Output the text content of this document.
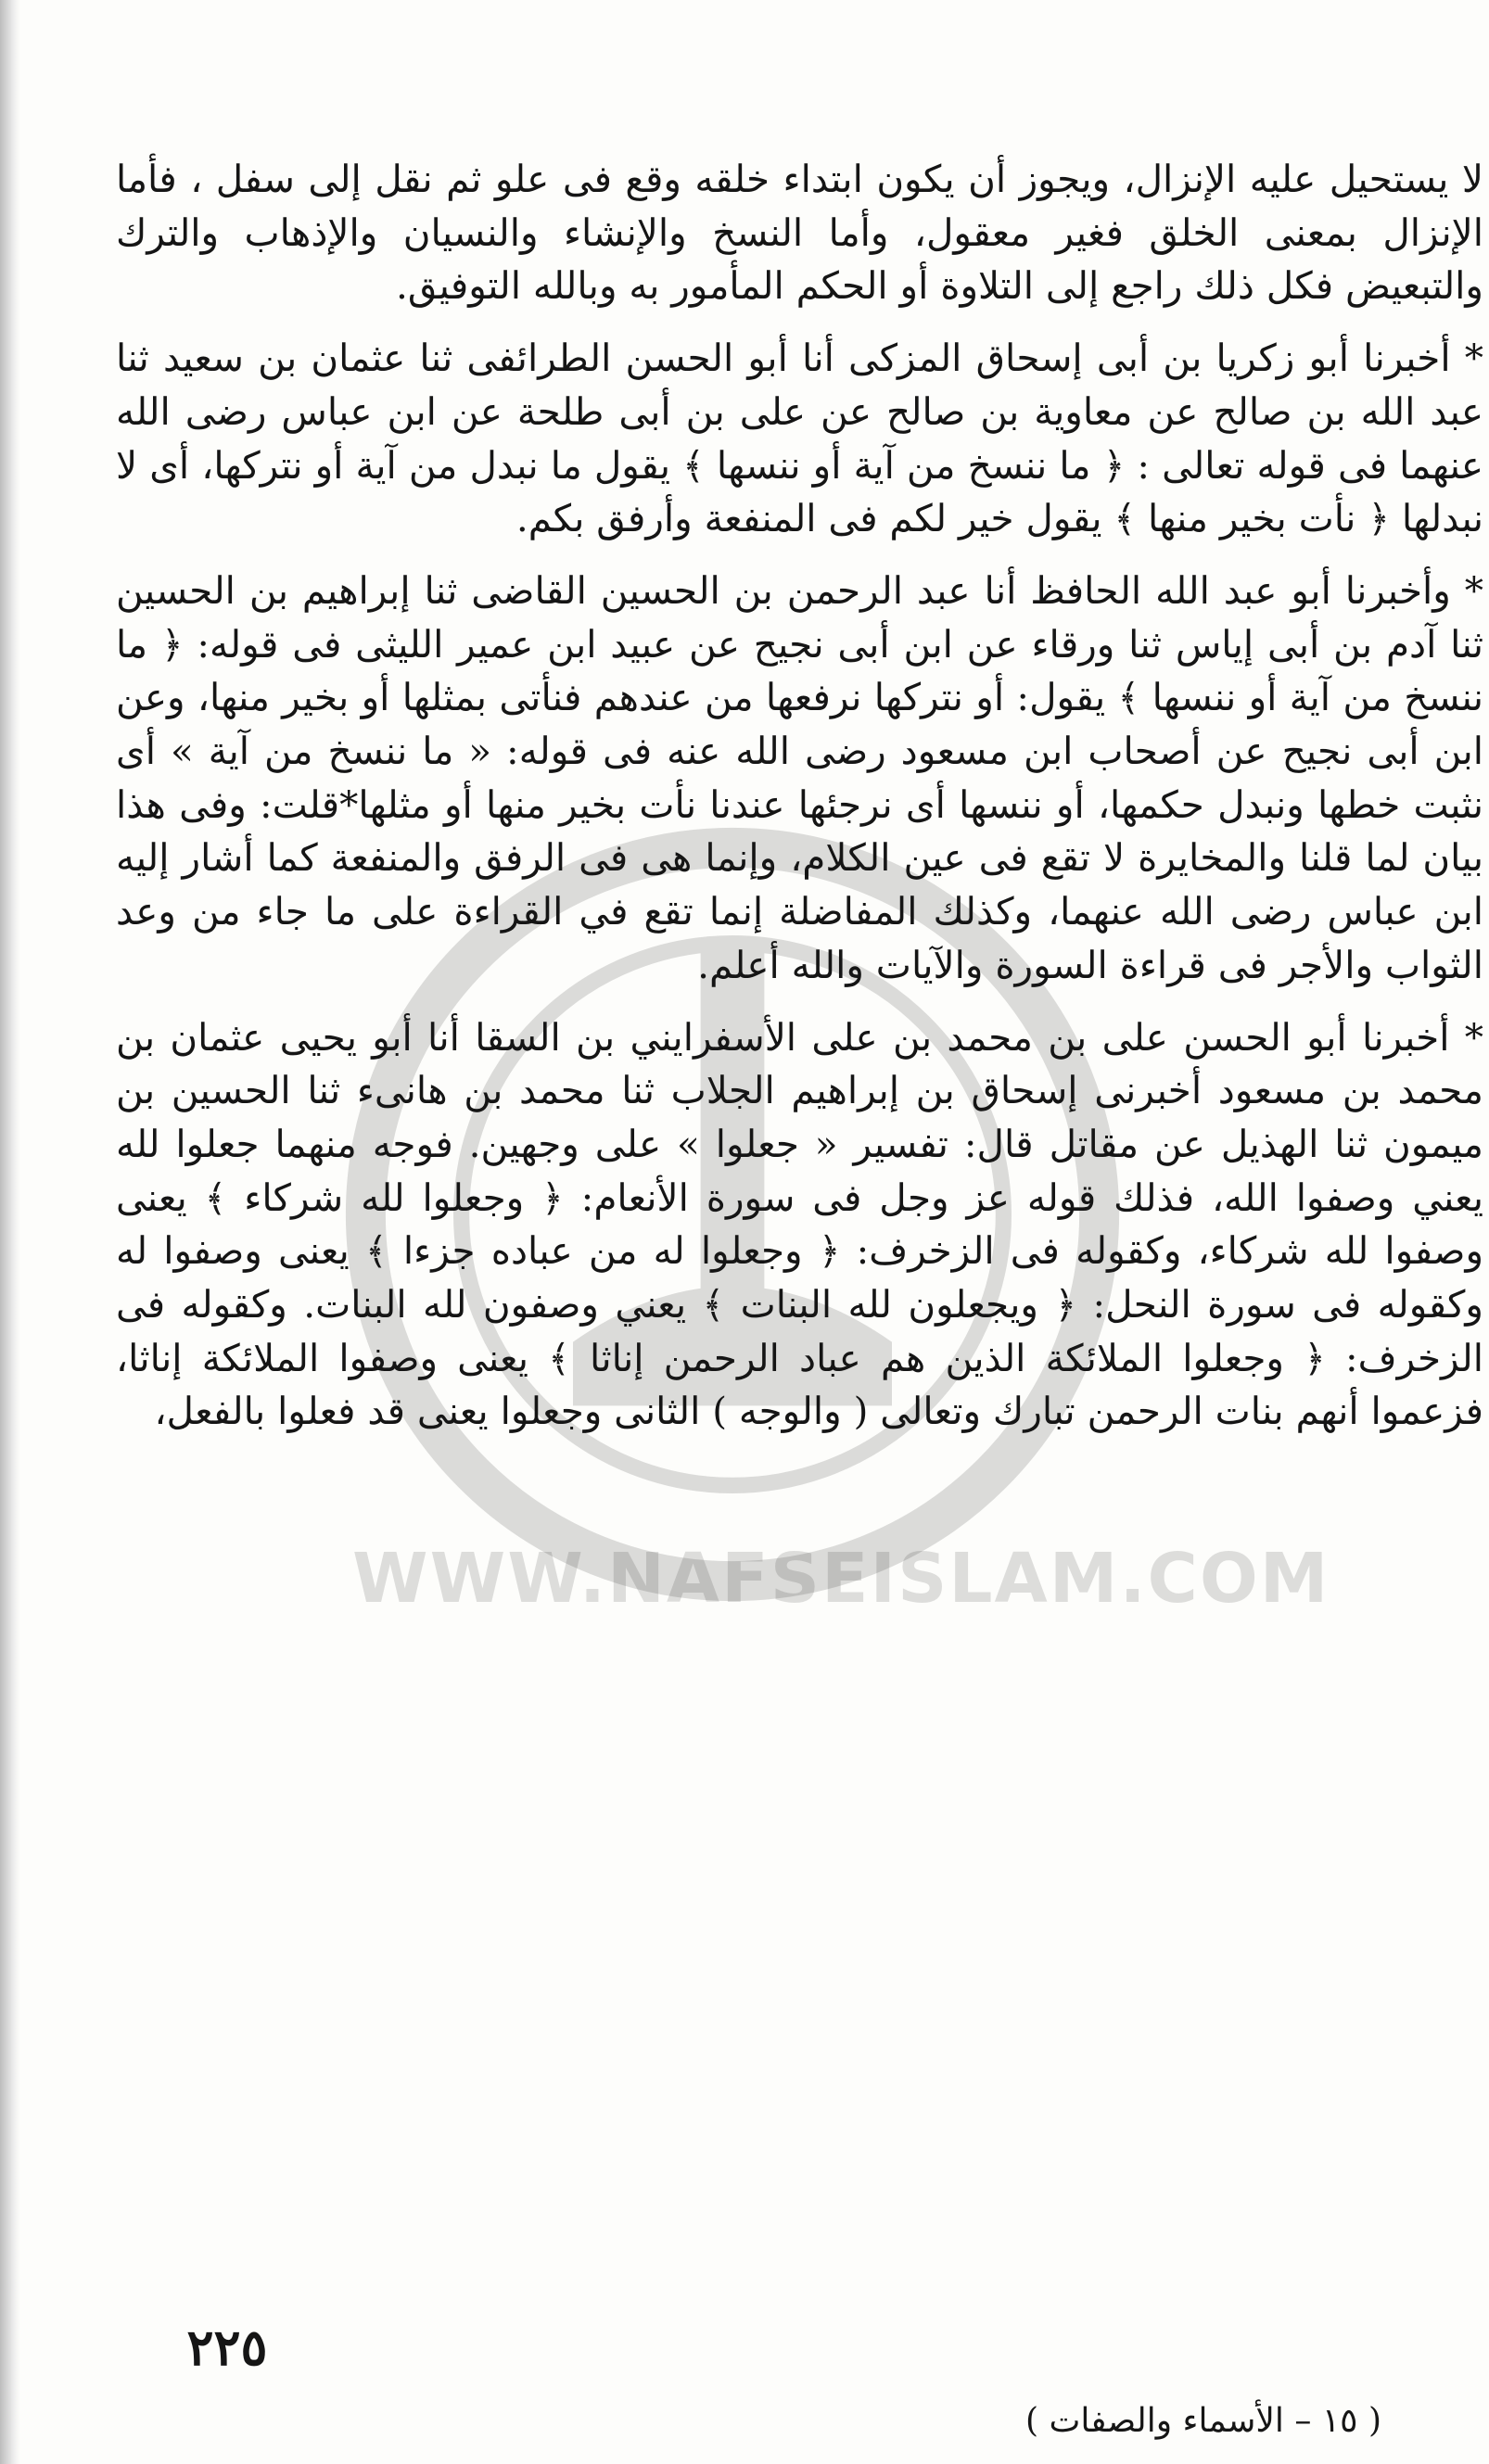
WWW.NAFSEISLAM.COM

لا يستحيل عليه الإنزال، ويجوز أن يكون ابتداء خلقه وقع فى علو ثم نقل إلى سفل ، فأما الإنزال بمعنى الخلق فغير معقول، وأما النسخ والإنشاء والنسيان والإذهاب والترك والتبعيض فكل ذلك راجع إلى التلاوة أو الحكم المأمور به وبالله التوفيق.

* أخبرنا أبو زكريا بن أبى إسحاق المزكى أنا أبو الحسن الطرائفى ثنا عثمان بن سعيد ثنا عبد الله بن صالح عن معاوية بن صالح عن على بن أبى طلحة عن ابن عباس رضى الله عنهما فى قوله تعالى : ﴿ ما ننسخ من آية أو ننسها ﴾ يقول ما نبدل من آية أو نتركها، أى لا نبدلها ﴿ نأت بخير منها ﴾ يقول خير لكم فى المنفعة وأرفق بكم.

* وأخبرنا أبو عبد الله الحافظ أنا عبد الرحمن بن الحسين القاضى ثنا إبراهيم بن الحسين ثنا آدم بن أبى إياس ثنا ورقاء عن ابن أبى نجيح عن عبيد ابن عمير الليثى فى قوله: ﴿ ما ننسخ من آية أو ننسها ﴾ يقول: أو نتركها نرفعها من عندهم فنأتى بمثلها أو بخير منها، وعن ابن أبى نجيح عن أصحاب ابن مسعود رضى الله عنه فى قوله: « ما ننسخ من آية » أى نثبت خطها ونبدل حكمها، أو ننسها أى نرجئها عندنا نأت بخير منها أو مثلها*قلت: وفى هذا بيان لما قلنا والمخايرة لا تقع فى عين الكلام، وإنما هى فى الرفق والمنفعة كما أشار إليه ابن عباس رضى الله عنهما، وكذلك المفاضلة إنما تقع في القراءة على ما جاء من وعد الثواب والأجر فى قراءة السورة والآيات والله أعلم.

* أخبرنا أبو الحسن على بن محمد بن على الأسفرايني بن السقا أنا أبو يحيى عثمان بن محمد بن مسعود أخبرنى إسحاق بن إبراهيم الجلاب ثنا محمد بن هانىء ثنا الحسين بن ميمون ثنا الهذيل عن مقاتل قال: تفسير « جعلوا » على وجهين. فوجه منهما جعلوا لله يعني وصفوا الله، فذلك قوله عز وجل فى سورة الأنعام: ﴿ وجعلوا لله شركاء ﴾ يعنى وصفوا لله شركاء، وكقوله فى الزخرف: ﴿ وجعلوا له من عباده جزءا ﴾ يعنى وصفوا له وكقوله فى سورة النحل: ﴿ ويجعلون لله البنات ﴾ يعني وصفون لله البنات. وكقوله فى الزخرف: ﴿ وجعلوا الملائكة الذين هم عباد الرحمن إناثا ﴾ يعنى وصفوا الملائكة إناثا، فزعموا أنهم بنات الرحمن تبارك وتعالى ( والوجه ) الثانى وجعلوا يعنى قد فعلوا بالفعل،

٢٢٥
( ١٥ – الأسماء والصفات )
